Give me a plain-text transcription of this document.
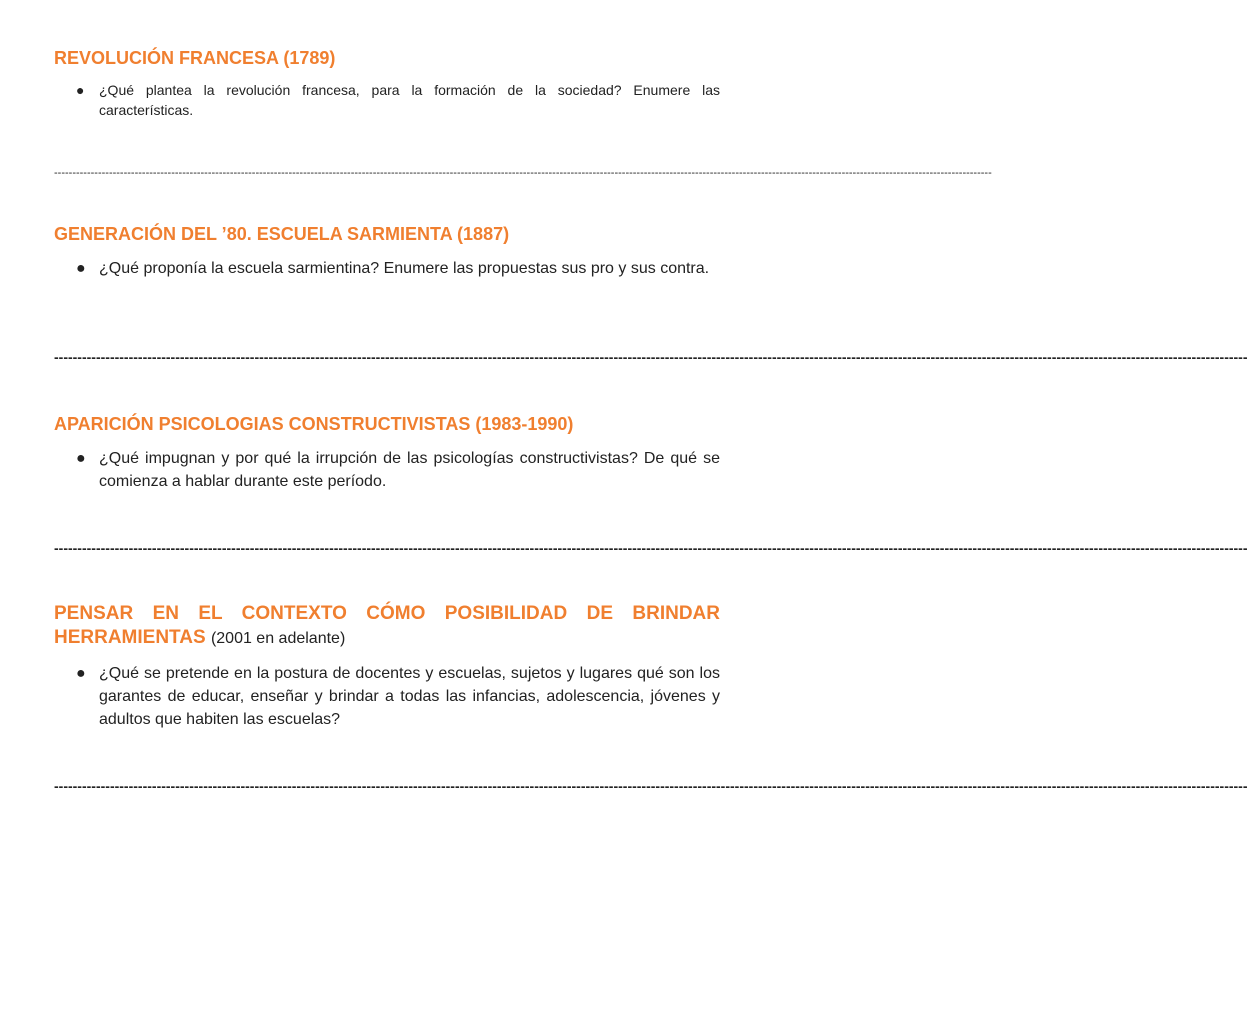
REVOLUCIÓN FRANCESA (1789)

● ¿Qué plantea la revolución francesa, para la formación de la sociedad? Enumere las características.

----------------------------------------------------------------------------------------------------------------------------------------------------------------------------------------------------------------------------------------------------------------
GENERACIÓN DEL ’80. ESCUELA SARMIENTA (1887)

● ¿Qué proponía la escuela sarmientina? Enumere las propuestas sus pro y sus contra.

----------------------------------------------------------------------------------------------------------------------------------------------------------------------------------------------------------------------------------------------------------------
APARICIÓN PSICOLOGIAS CONSTRUCTIVISTAS (1983-1990)

● ¿Qué impugnan y por qué la irrupción de las psicologías constructivistas? De qué se comienza a hablar durante este período.

----------------------------------------------------------------------------------------------------------------------------------------------------------------------------------------------------------------------------------------------------------------
PENSAR EN EL CONTEXTO CÓMO POSIBILIDAD DE BRINDAR HERRAMIENTAS (2001 en adelante)

● ¿Qué se pretende en la postura de docentes y escuelas, sujetos y lugares qué son los garantes de educar, enseñar y brindar a todas las infancias, adolescencia, jóvenes y adultos que habiten las escuelas?

----------------------------------------------------------------------------------------------------------------------------------------------------------------------------------------------------------------------------------------------------------------
